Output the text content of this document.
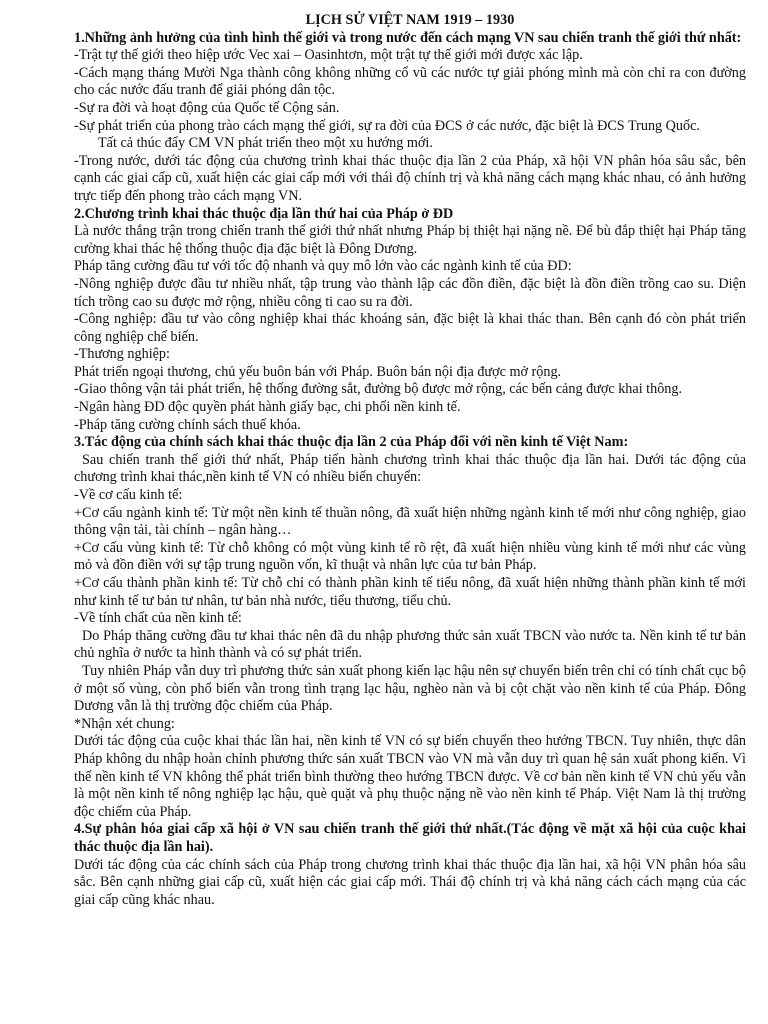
LỊCH SỬ VIỆT NAM 1919 – 1930

1.Những ảnh hưởng của tình hình thế giới và trong nước đến cách mạng VN sau chiến tranh thế giới thứ nhất:

-Trật tự thế giới theo hiệp ước Vec xai – Oasinhtơn, một trật tự thế giới mới được xác lập.

-Cách mạng tháng Mười Nga thành công không những cổ vũ các nước tự giải phóng mình mà còn chỉ ra con đường cho các nước đấu tranh để giải phóng dân tộc.

-Sự ra đời và hoạt động của Quốc tế Cộng sản.

-Sự phát triển của phong trào cách mạng thế giới, sự ra đời của ĐCS ở các nước, đặc biệt là ĐCS Trung Quốc.

Tất cả thúc đẩy CM VN phát triển theo một xu hướng mới.

-Trong nước, dưới tác động của chương trình khai thác thuộc địa lần 2 của Pháp, xã hội VN phân hóa sâu sắc, bên cạnh các giai cấp cũ, xuất hiện các giai cấp mới với thái độ chính trị và khả năng cách mạng khác nhau, có ảnh hưởng trực tiếp đến phong trào cách mạng VN.

2.Chương trình khai thác thuộc địa lần thứ hai của Pháp ở ĐD

Là nước thắng trận trong chiến tranh thế giới thứ nhất nhưng Pháp bị thiệt hại nặng nề. Để bù đắp thiệt hại Pháp tăng cường khai thác hệ thống thuộc địa đặc biệt là Đông Dương.

Pháp tăng cường đầu tư với tốc độ nhanh và quy mô lớn vào các ngành kinh tế của ĐD:

-Nông nghiệp được đầu tư nhiều nhất, tập trung vào thành lập các đồn điền, đặc biệt là đồn điền trồng cao su. Diện tích trồng cao su được mở rộng, nhiều công ti cao su ra đời.

-Công nghiệp: đầu tư vào công nghiệp khai thác khoáng sản, đặc biệt là khai thác than. Bên cạnh đó còn phát triển công nghiệp chế biến.

-Thương nghiệp:

Phát triển ngoại thương, chủ yếu buôn bán với Pháp. Buôn bán nội địa được mở rộng.

-Giao thông vận tải phát triển, hệ thống đường sắt, đường bộ được mở rộng, các bến cảng được khai thông.

-Ngân hàng ĐD độc quyền phát hành giấy bạc, chi phối nền kinh tế.

-Pháp tăng cường chính sách thuế khóa.

3.Tác động của chính sách khai thác thuộc địa lần 2 của Pháp đối với nền kinh tế Việt Nam:

Sau chiến tranh thế giới thứ nhất, Pháp tiến hành chương trình khai thác thuộc địa lần hai. Dưới tác động của chương trình khai thác,nền kinh tế VN có nhiều biến chuyển:

-Về cơ cấu kinh tế:

+Cơ cấu ngành kinh tế: Từ một nền kinh tế thuần nông, đã xuất hiện những ngành kinh tế mới như công nghiệp, giao thông vận tải, tài chính – ngân hàng…

+Cơ cấu vùng kinh tế: Từ chỗ không có một vùng kinh tế rõ rệt, đã xuất hiện nhiều vùng kinh tế mới như các vùng mỏ và đồn điền với sự tập trung nguồn vốn, kĩ thuật và nhân lực của tư bản Pháp.

+Cơ cấu thành phần kinh tế: Từ chỗ chỉ có thành phần kinh tế tiểu nông, đã xuất hiện những thành phần kinh tế mới như kinh tế tư bản tư nhân, tư bản nhà nước, tiểu thương, tiểu chủ.

-Về tính chất của nền kinh tế:

Do Pháp thăng cường đầu tư khai thác nên đã du nhập phương thức sản xuất TBCN vào nước ta. Nền kinh tế tư bản chủ nghĩa ở nước ta hình thành và có sự phát triển.

Tuy nhiên Pháp vẫn duy trì phương thức sản xuất phong kiến lạc hậu nên sự chuyển biến trên chỉ có tính chất cục bộ ở một số vùng, còn phổ biến vẫn trong tình trạng lạc hậu, nghèo nàn và bị cột chặt vào nền kinh tế của Pháp. Đông Dương vẫn là thị trường độc chiếm của Pháp.

*Nhận xét chung:

Dưới tác động của cuộc khai thác lần hai, nền kinh tế VN có sự biến chuyển theo hướng TBCN. Tuy nhiên, thực dân Pháp không du nhập hoàn chỉnh phương thức sản xuất TBCN vào VN mà vẫn duy trì quan hệ sản xuất phong kiến. Vì thế nền kinh tế VN không thể phát triển bình thường theo hướng TBCN được. Về cơ bản nền kinh tế VN chủ yếu vẫn là một nền kinh tế nông nghiệp lạc hậu, què quặt và phụ thuộc nặng nề vào nền kinh tế Pháp. Việt Nam là thị trường độc chiếm của Pháp.

4.Sự phân hóa giai cấp xã hội ở VN sau chiến tranh thế giới thứ nhất.(Tác động về mặt xã hội của cuộc khai thác thuộc địa lần hai).

Dưới tác động của các chính sách của Pháp trong chương trình khai thác thuộc địa lần hai, xã hội VN phân hóa sâu sắc. Bên cạnh những giai cấp cũ, xuất hiện các giai cấp mới. Thái độ chính trị và khả năng cách cách mạng của các giai cấp cũng khác nhau.
